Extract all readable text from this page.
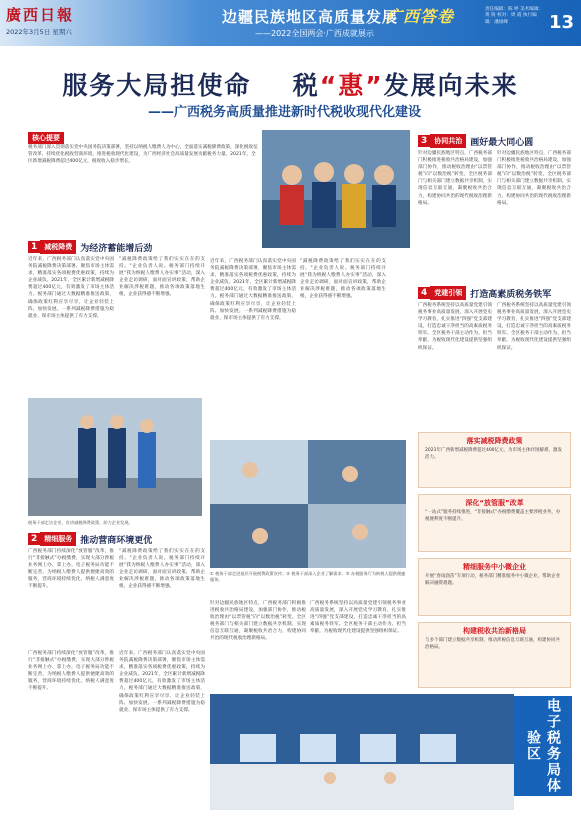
廣西日報
2022年3月5日 星期六
边疆民族地区高质量发展
广西答卷
——2022全国两会·广西成就展示
责任编辑：陈 婷 美术编辑：黄 锐 校对：周 霞 执行编辑：潘国峰	13
服务大局担使命 税“惠”发展向未来
——广西税务高质量推进新时代税收现代化建设
核心提要
税务部门深入贯彻落实党中央国务院决策部署，坚持以纳税人缴费人为中心，全面落实减税降费政策，深化税收征管改革，持续优化税收营商环境，推进税收现代化建设，为广西经济社会高质量发展贡献税务力量。2021年，全区新增减税降费超过400亿元，税收收入稳步增长。
1	减税降费 为经济蓄能增后劲
近年来，广西税务部门认真落实党中央国务院减税降费决策部署，聚焦市场主体需求，精准落实各项税费优惠政策，持续为企业减负。2021年，全区累计新增减税降费超过400亿元，有效激发了市场主体活力。税务部门通过大数据精准推送政策，确保政策红利应享尽享，让企业轻装上阵、加快发展。一系列减税降费措施为稳就业、保市场主体提供了有力支撑。
"减税降费政策给了我们实实在在的支持。"企业负责人说。税务部门持续开展“我为纳税人缴费人办实事”活动，深入企业走访调研，面对面宣讲政策，帮助企业解决涉税难题，推动各项政策落地生根，企业获得感不断增强。
近年来，广西税务部门认真落实党中央国务院减税降费决策部署，聚焦市场主体需求，精准落实各项税费优惠政策，持续为企业减负。2021年，全区累计新增减税降费超过400亿元，有效激发了市场主体活力。税务部门通过大数据精准推送政策，确保政策红利应享尽享，让企业轻装上阵、加快发展。一系列减税降费措施为稳就业、保市场主体提供了有力支撑。
"减税降费政策给了我们实实在在的支持。"企业负责人说。税务部门持续开展“我为纳税人缴费人办实事”活动，深入企业走访调研，面对面宣讲政策，帮助企业解决涉税难题，推动各项政策落地生根，企业获得感不断增强。
税务干部走访企业，宣讲减税降费政策，助力企业发展。
① 税务干部走进基层开展税费政策宣传；② 税务干部深入企业了解需求；③ 办税服务厅为纳税人提供便捷服务。
2	精细服务 推动营商环境更优
广西税务部门持续深化“放管服”改革，推行“非接触式”办税缴费，实现大部分涉税业务网上办、掌上办。电子税务局功能不断完善，为纳税人缴费人提供便捷高效的服务，营商环境持续优化，纳税人满意度不断提升。
"减税降费政策给了我们实实在在的支持。"企业负责人说。税务部门持续开展“我为纳税人缴费人办实事”活动，深入企业走访调研，面对面宣讲政策，帮助企业解决涉税难题，推动各项政策落地生根，企业获得感不断增强。
广西税务部门持续深化“放管服”改革，推行“非接触式”办税缴费，实现大部分涉税业务网上办、掌上办。电子税务局功能不断完善，为纳税人缴费人提供便捷高效的服务，营商环境持续优化，纳税人满意度不断提升。
近年来，广西税务部门认真落实党中央国务院减税降费决策部署，聚焦市场主体需求，精准落实各项税费优惠政策，持续为企业减负。2021年，全区累计新增减税降费超过400亿元，有效激发了市场主体活力。税务部门通过大数据精准推送政策，确保政策红利应享尽享，让企业轻装上阵、加快发展。一系列减税降费措施为稳就业、保市场主体提供了有力支撑。
针对边疆民族地区特点，广西税务部门积极推进税收共治格局建设，加强部门协作，推动税收治理由“以票管税”向“以数治税”转变。全区税务部门与相关部门建立数据共享机制，实现信息互联互通，凝聚税收共治合力，构建协同共治的现代税收治理新格局。
广西税务系统坚持以高质量党建引领税务事业高质量发展，深入开展党史学习教育，扎实推进“四强”党支部建设，打造忠诚干净担当的高素质税务铁军。全区税务干部主动作为、担当奉献，为税收现代化建设提供坚强组织保证。
税务部门持续推进电子税务局建设，纳税人缴费人可通过网上、掌上等多种渠道办理涉税业务。
3	协同共治 画好最大同心圆
针对边疆民族地区特点，广西税务部门积极推进税收共治格局建设，加强部门协作，推动税收治理由“以票管税”向“以数治税”转变。全区税务部门与相关部门建立数据共享机制，实现信息互联互通，凝聚税收共治合力，构建协同共治的现代税收治理新格局。
针对边疆民族地区特点，广西税务部门积极推进税收共治格局建设，加强部门协作，推动税收治理由“以票管税”向“以数治税”转变。全区税务部门与相关部门建立数据共享机制，实现信息互联互通，凝聚税收共治合力，构建协同共治的现代税收治理新格局。
4	党建引领 打造高素质税务铁军
广西税务系统坚持以高质量党建引领税务事业高质量发展，深入开展党史学习教育，扎实推进“四强”党支部建设，打造忠诚干净担当的高素质税务铁军。全区税务干部主动作为、担当奉献，为税收现代化建设提供坚强组织保证。
广西税务系统坚持以高质量党建引领税务事业高质量发展，深入开展党史学习教育，扎实推进“四强”党支部建设，打造忠诚干净担当的高素质税务铁军。全区税务干部主动作为、担当奉献，为税收现代化建设提供坚强组织保证。
落实减税降费政策
2021年广西新增减税降费超过400亿元，为市场主体纾困解难、激发活力。
深化“放管服”改革
“一站式”服务持续推进，“非接触式”办税缴费覆盖主要涉税业务，办税便利度不断提升。
精细服务中小微企业
开展“春雨润苗”专项行动，税务部门精准服务中小微企业，帮助企业解决融资难题。
构建税收共治新格局
与多个部门建立数据共享机制，推动涉税信息互联互通，构建协同共治格局。
电子税务局体验区
